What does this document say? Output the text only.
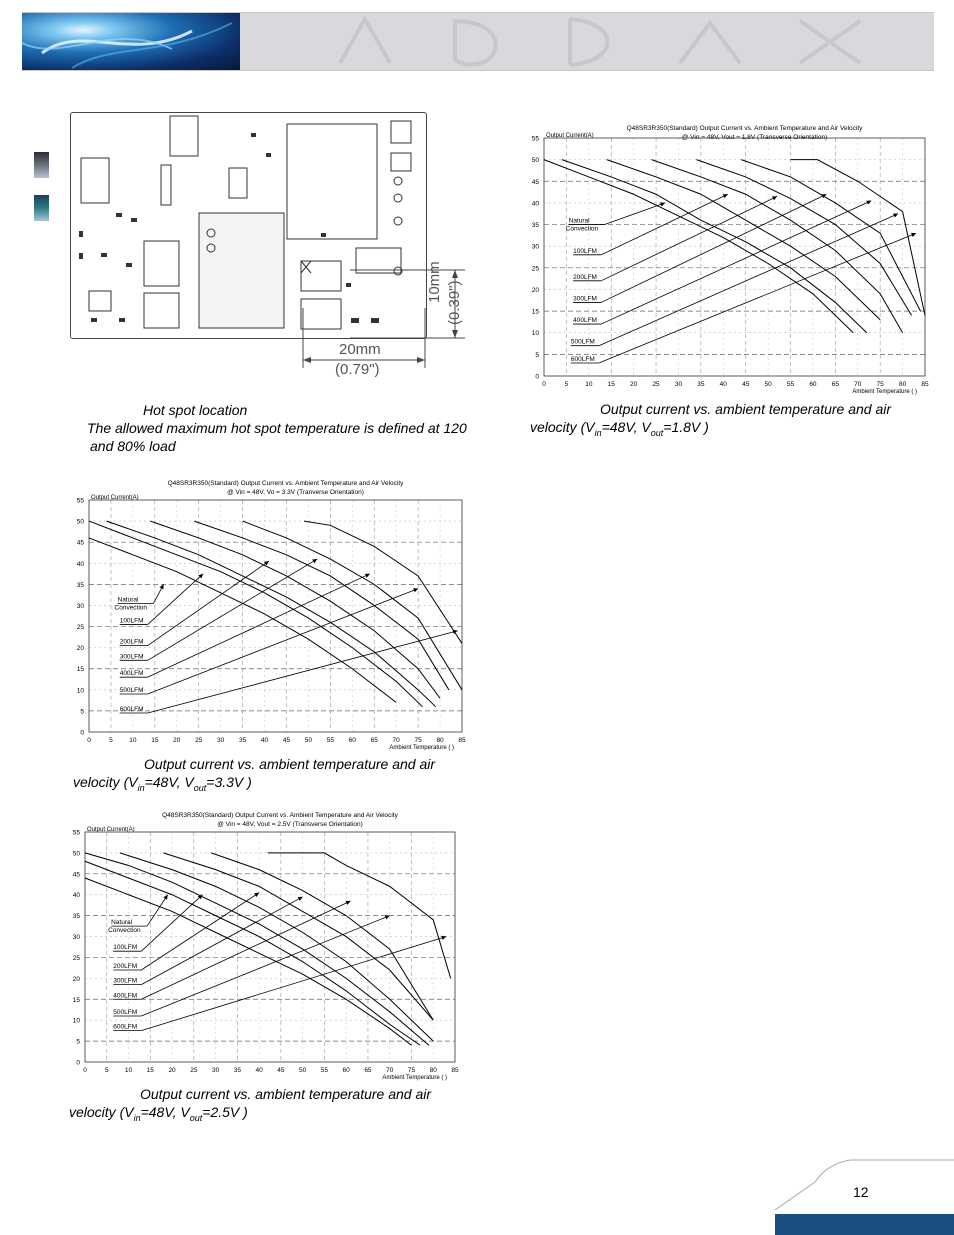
20mm
(0.79")
10mm (0.39")
Hot spot location
The allowed maximum hot spot temperature is defined at 120
and 80% load
Q48SR3R350(Standard) Output Current vs. Ambient Temperature and Air Velocity
@ Vin = 48V, Vout = 1.8V (Transverse Orientation)
Output Current(A)
0
5
10
15
20
25
30
35
40
45
50
55
0	5	10 15 20 25 30 35 40 45 50 55 60 65 70 75 80 85
Ambient Temperature ( )
Natural
Convection
100LFM
200LFM
300LFM
400LFM
500LFM
600LFM
Q48SR3R350(Standard) Output Current vs. Ambient Temperature and Air Velocity
@ Vin = 48V, Vo = 3.3V (Tranverse Orientation)
Output Current(A)
0
5
10
15
20
25
30
35
40
45
50
55
0	5	10 15 20 25 30 35 40 45 50 55 60 65 70 75 80 85
Ambient Temperature ( )
Natural
Convection
100LFM
200LFM
300LFM
400LFM
500LFM
600LFM
Q48SR3R350(Standard) Output Current vs. Ambient Temperature and Air Velocity
@ Vin = 48V, Vout = 2.5V (Transverse Orientation)
Output Current(A)
0
5
10
15
20
25
30
35
40
45
50
55
0	5	10 15 20 25 30 35 40 45 50 55 60 65 70 75 80 85
Ambient Temperature ( )
Natural
Convection
100LFM
200LFM
300LFM
400LFM
500LFM
600LFM
Output current vs. ambient temperature and air
velocity ($V_{in}=48V$, $V_{out}=1.8V$ )
Output current vs. ambient temperature and air
velocity ($V_{in}=48V$, $V_{out}=3.3V$ )
Output current vs. ambient temperature and air
velocity ($V_{in}=48V$, $V_{out}=2.5V$ )
12
